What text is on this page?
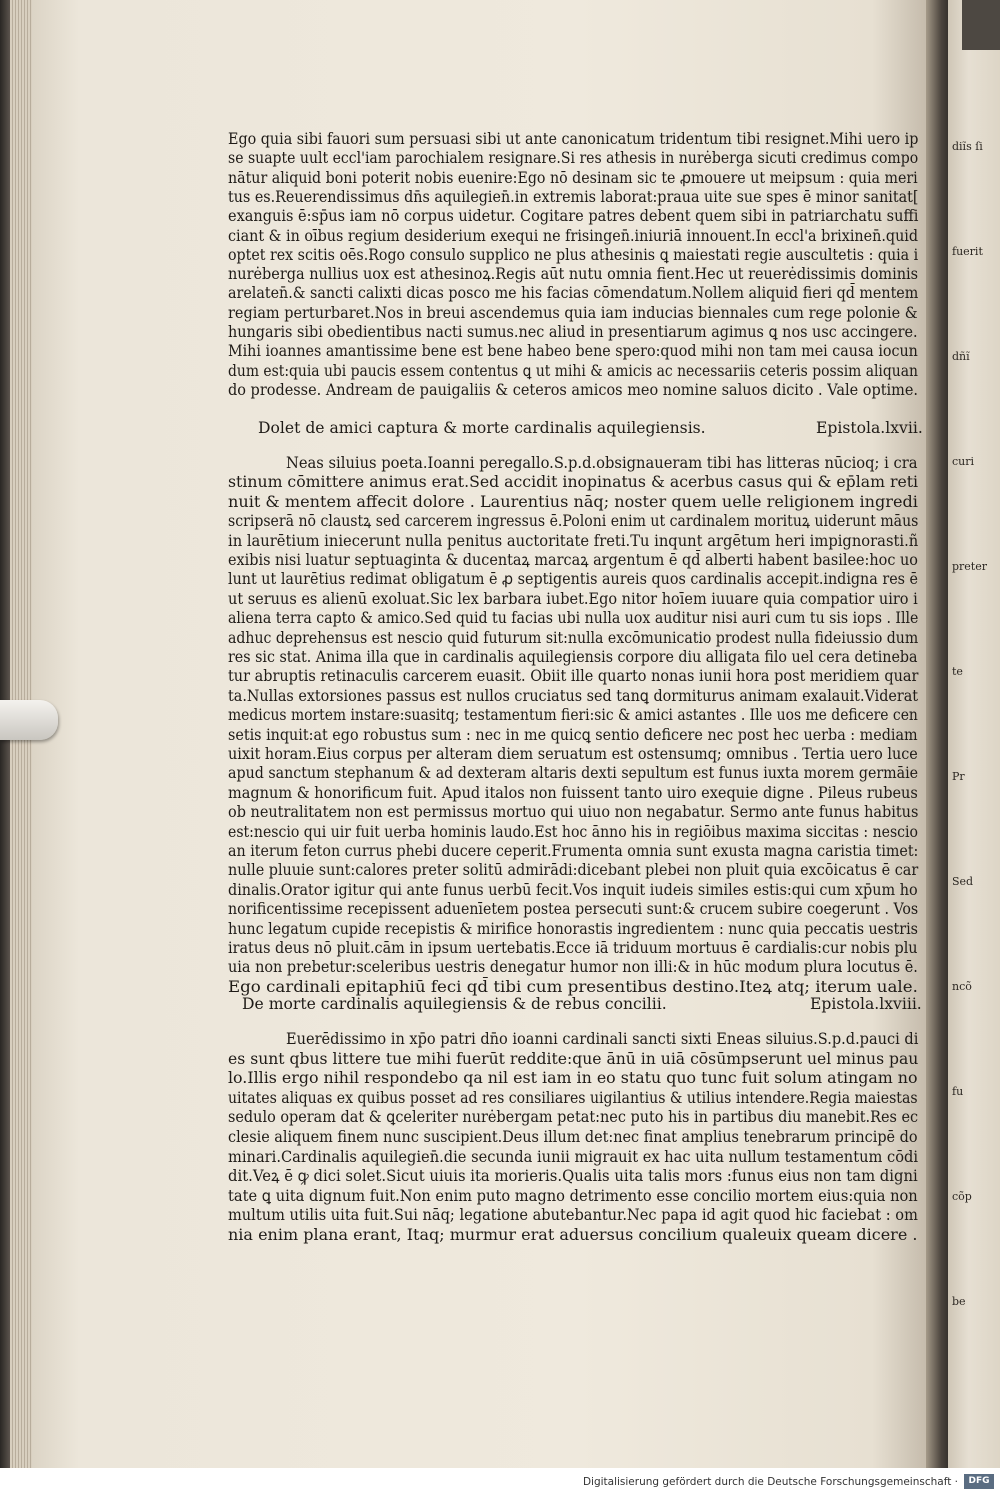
diĩs ſi
fuerit
dñĩ
curi
preter
te
Pr
Sed
ncõ
fu
cõp
be
Ego quia sibi fauori sum persuasi sibi ut ante canonicatum tridentum tibi resignet.Mihi uero ip
se suapte uult eccl'iam parochialem resignare.Si res athesis in nurėberga sicuti credimus compo
nātur aliquid boni poterit nobis euenire:Ego nō desinam sic te ꝓmouere ut meipsum : quia meri
tus es.Reuerendissimus dn̄s aquilegien̄.in extremis laborat:praua uite sue spes ē minor sanitat[
exanguis ē:sp̄us iam nō corpus uidetur. Cogitare patres debent quem sibi in patriarchatu suffi
ciant & in oībus regium desiderium exequi ne frisingen̄.iniuriā innouent.In eccl'a brixinen̄.quid
optet rex scitis oēs.Rogo consulo supplico ne plus athesinis ꝗ maiestati regie auscultetis : quia i
nurėberga nullius uox est athesinoꝝ.Regis aūt nutu omnia fient.Hec ut reuerėdissimis dominis
arelaten̄.& sancti calixti dicas posco me his facias cōmendatum.Nollem aliquid fieri qd̄ mentem
regiam perturbaret.Nos in breui ascendemus quia iam inducias biennales cum rege polonie &
hungaris sibi obedientibus nacti sumus.nec aliud in presentiarum agimus ꝗ nos usc accingere.
Mihi ioannes amantissime bene est bene habeo bene spero:quod mihi non tam mei causa iocun
dum est:quia ubi paucis essem contentus ꝗ ut mihi & amicis ac necessariis ceteris possim aliquan
do prodesse. Andream de pauigaliis & ceteros amicos meo nomine saluos dicito . Vale optime.
Dolet de amici captura & morte cardinalis aquilegiensis.	Epistola.lxvii.
Neas siluius poeta.Ioanni peregallo.S.p.d.obsignaueram tibi has litteras nūcioq; i cra
stinum cōmittere animus erat.Sed accidit inopinatus & acerbus casus qui & ep̄lam reti
nuit & mentem affecit dolore . Laurentius nāq; noster quem uelle religionem ingredi
scripserā nō claustꝝ sed carcerem ingressus ē.Poloni enim ut cardinalem morituꝝ uiderunt māus
in laurētium iniecerunt nulla penitus auctoritate freti.Tu inqunt argētum heri impignorasti.ñ
exibis nisi luatur septuaginta & ducentaꝝ marcaꝝ argentum ē qd̄ alberti habent basilee:hoc uo
lunt ut laurētius redimat obligatum ē ꝓ septigentis aureis quos cardinalis accepit.indigna res ē
ut seruus es alienū exoluat.Sic lex barbara iubet.Ego nitor hoīem iuuare quia compatior uiro i
aliena terra capto & amico.Sed quid tu facias ubi nulla uox auditur nisi auri cum tu sis iops . Ille
adhuc deprehensus est nescio quid futurum sit:nulla excōmunicatio prodest nulla fideiussio dum
res sic stat. Anima illa que in cardinalis aquilegiensis corpore diu alligata filo uel cera detineba
tur abruptis retinaculis carcerem euasit. Obiit ille quarto nonas iunii hora post meridiem quar
ta.Nullas extorsiones passus est nullos cruciatus sed tanꝗ dormiturus animam exalauit.Viderat
medicus mortem instare:suasitq; testamentum fieri:sic & amici astantes . Ille uos me deficere cen
setis inquit:at ego robustus sum : nec in me quicꝗ sentio deficere nec post hec uerba : mediam
uixit horam.Eius corpus per alteram diem seruatum est ostensumq; omnibus . Tertia uero luce
apud sanctum stephanum & ad dexteram altaris dexti sepultum est funus iuxta morem germāie
magnum & honorificum fuit. Apud italos non fuissent tanto uiro exequie digne . Pileus rubeus
ob neutralitatem non est permissus mortuo qui uiuo non negabatur. Sermo ante funus habitus
est:nescio qui uir fuit uerba hominis laudo.Est hoc ānno his in regiōibus maxima siccitas : nescio
an iterum feton currus phebi ducere ceperit.Frumenta omnia sunt exusta magna caristia timet:
nulle pluuie sunt:calores preter solitū admirādi:dicebant plebei non pluit quia excōicatus ē car
dinalis.Orator igitur qui ante funus uerbū fecit.Vos inquit iudeis similes estis:qui cum xp̄um ho
norificentissime recepissent aduenīetem postea persecuti sunt:& crucem subire coegerunt . Vos
hunc legatum cupide recepistis & mirifice honorastis ingredientem : nunc quia peccatis uestris
iratus deus nō pluit.cām in ipsum uertebatis.Ecce iā triduum mortuus ē cardialis:cur nobis plu
uia non prebetur:sceleribus uestris denegatur humor non illi:& in hūc modum plura locutus ē.
Ego cardinali epitaphiū feci qd̄ tibi cum presentibus destino.Iteꝝ atq; iterum uale.
De morte cardinalis aquilegiensis & de rebus concilii.	Epistola.lxviii.
Euerēdissimo in xp̄o patri dn̄o ioanni cardinali sancti sixti Eneas siluius.S.p.d.pauci di
es sunt qbus littere tue mihi fuerūt reddite:que ānū in uiā cōsūmpserunt uel minus pau
lo.Illis ergo nihil respondebo qa nil est iam in eo statu quo tunc fuit solum atingam no
uitates aliquas ex quibus posset ad res consiliares uigilantius & utilius intendere.Regia maiestas
sedulo operam dat & ꝗceleriter nurėbergam petat:nec puto his in partibus diu manebit.Res ec
clesie aliquem finem nunc suscipient.Deus illum det:nec finat amplius tenebrarum principē do
minari.Cardinalis aquilegien̄.die secunda iunii migrauit ex hac uita nullum testamentum cōdi
dit.Veꝝ ē ꝙ dici solet.Sicut uiuis ita morieris.Qualis uita talis mors :funus eius non tam digni
tate ꝗ uita dignum fuit.Non enim puto magno detrimento esse concilio mortem eius:quia non
multum utilis uita fuit.Sui nāq; legatione abutebantur.Nec papa id agit quod hic faciebat : om
nia enim plana erant, Itaq; murmur erat aduersus concilium qualeuix queam dicere .
Digitalisierung gefördert durch die Deutsche Forschungsgemeinschaft ·	DFG
